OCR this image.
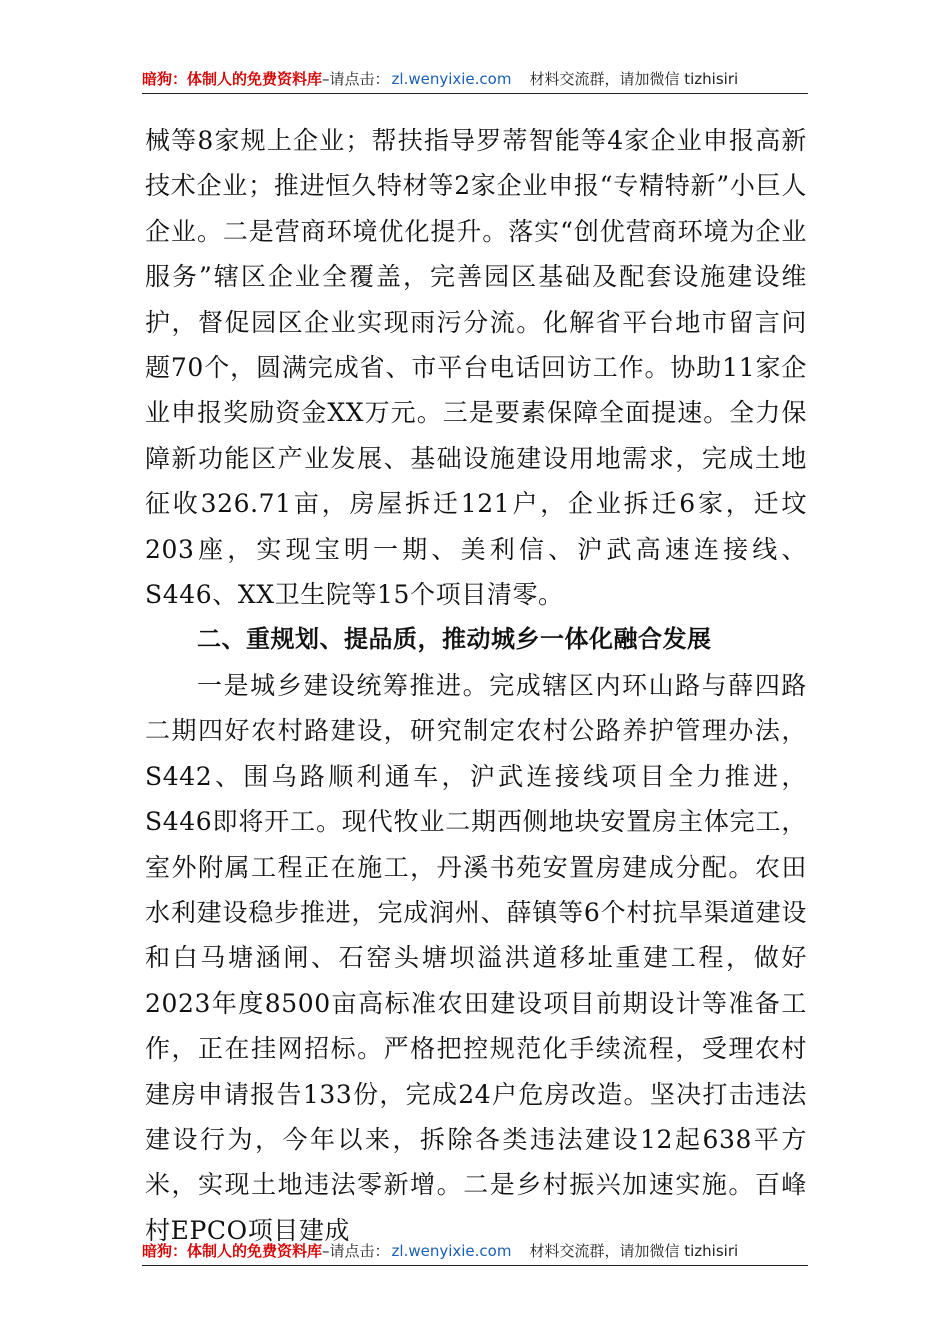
暗狗：体制人的免费资料库 –请点击： zl.wenyixie.com 材料交流群，请加微信 tizhisiri

械等8家规上企业；帮扶指导罗蒂智能等4家企业申报高新技术企业；推进恒久特材等2家企业申报“专精特新”小巨人企业。二是营商环境优化提升。落实“创优营商环境为企业服务”辖区企业全覆盖，完善园区基础及配套设施建设维护，督促园区企业实现雨污分流。化解省平台地市留言问题70个，圆满完成省、市平台电话回访工作。协助11家企业申报奖励资金XX万元。三是要素保障全面提速。全力保障新功能区产业发展、基础设施建设用地需求，完成土地征收326.71亩，房屋拆迁121户，企业拆迁6家，迁坟203座，实现宝明一期、美利信、沪武高速连接线、S446、XX卫生院等15个项目清零。

二、重规划、提品质，推动城乡一体化融合发展

一是城乡建设统筹推进。完成辖区内环山路与薛四路二期四好农村路建设，研究制定农村公路养护管理办法，S442、围乌路顺利通车，沪武连接线项目全力推进，S446即将开工。现代牧业二期西侧地块安置房主体完工，室外附属工程正在施工，丹溪书苑安置房建成分配。农田水利建设稳步推进，完成润州、薛镇等6个村抗旱渠道建设和白马塘涵闸、石窑头塘坝溢洪道移址重建工程，做好2023年度8500亩高标准农田建设项目前期设计等准备工作，正在挂网招标。严格把控规范化手续流程，受理农村建房申请报告133份，完成24户危房改造。坚决打击违法建设行为，今年以来，拆除各类违法建设12起638平方米，实现土地违法零新增。二是乡村振兴加速实施。百峰村EPCO项目建成

暗狗：体制人的免费资料库 –请点击： zl.wenyixie.com 材料交流群，请加微信 tizhisiri
